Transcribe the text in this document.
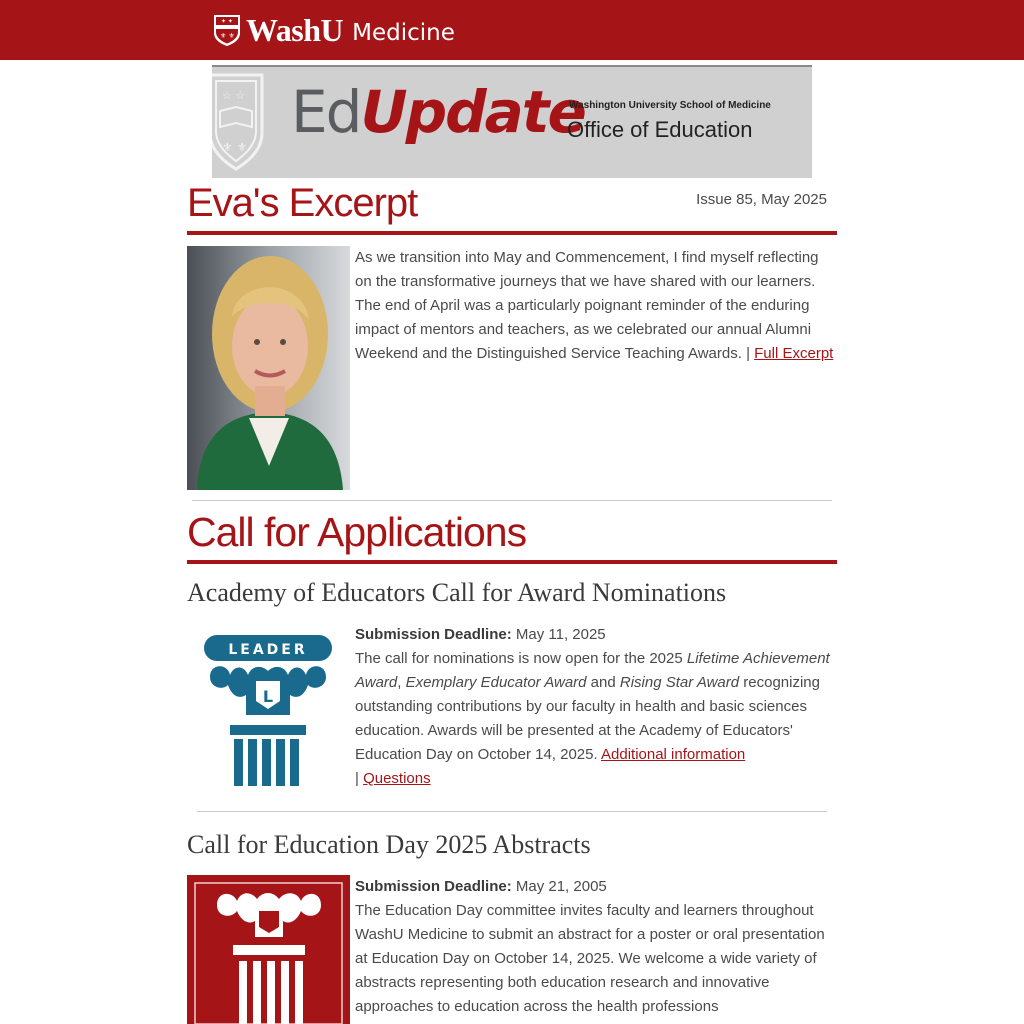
✦ ✦
⚜ ⚜ WashU Medicine
☆ ☆
⚜ ⚜
EdUpdate
Washington University School of Medicine
Office of Education
Eva's Excerpt	Issue 85, May 2025

As we transition into May and Commencement, I find myself reflecting on the transformative journeys that we have shared with our learners. The end of April was a particularly poignant reminder of the enduring impact of mentors and teachers, as we celebrated our annual Alumni Weekend and the Distinguished Service Teaching Awards. | Full Excerpt

Call for Applications
Academy of Educators Call for Award Nominations
LEADER
L

Submission Deadline: May 11, 2025
The call for nominations is now open for the 2025 Lifetime Achievement Award, Exemplary Educator Award and Rising Star Award recognizing outstanding contributions by our faculty in health and basic sciences education. Awards will be presented at the Academy of Educators' Education Day on October 14, 2025. Additional information
| Questions

Call for Education Day 2025 Abstracts

Submission Deadline: May 21, 2005
The Education Day committee invites faculty and learners throughout WashU Medicine to submit an abstract for a poster or oral presentation at Education Day on October 14, 2025. We welcome a wide variety of abstracts representing both education research and innovative approaches to education across the health professions
